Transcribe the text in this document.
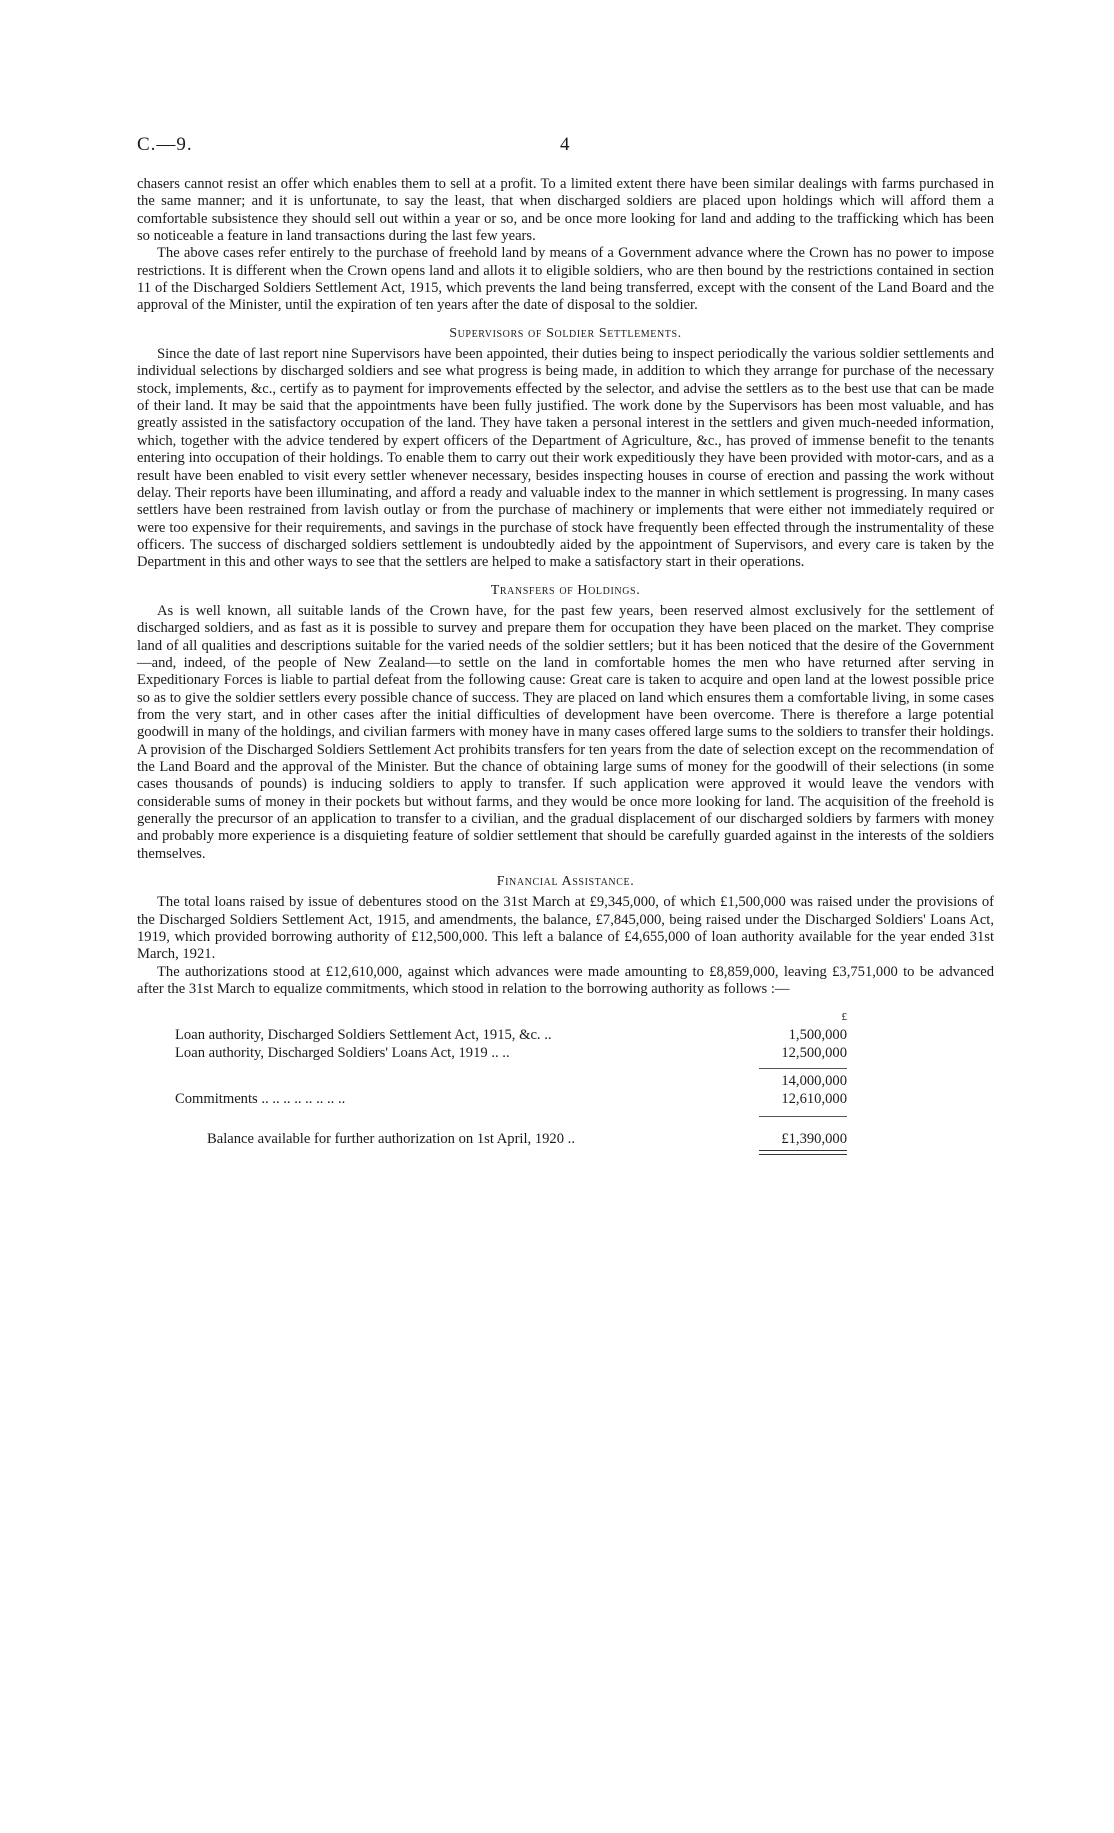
C.—9.	4

chasers cannot resist an offer which enables them to sell at a profit. To a limited extent there have been similar dealings with farms purchased in the same manner; and it is unfortunate, to say the least, that when discharged soldiers are placed upon holdings which will afford them a comfortable subsistence they should sell out within a year or so, and be once more looking for land and adding to the trafficking which has been so noticeable a feature in land transactions during the last few years.

The above cases refer entirely to the purchase of freehold land by means of a Government advance where the Crown has no power to impose restrictions. It is different when the Crown opens land and allots it to eligible soldiers, who are then bound by the restrictions contained in section 11 of the Discharged Soldiers Settlement Act, 1915, which prevents the land being transferred, except with the consent of the Land Board and the approval of the Minister, until the expiration of ten years after the date of disposal to the soldier.

Supervisors of Soldier Settlements.

Since the date of last report nine Supervisors have been appointed, their duties being to inspect periodically the various soldier settlements and individual selections by discharged soldiers and see what progress is being made, in addition to which they arrange for purchase of the necessary stock, implements, &c., certify as to payment for improvements effected by the selector, and advise the settlers as to the best use that can be made of their land. It may be said that the appointments have been fully justified. The work done by the Supervisors has been most valuable, and has greatly assisted in the satisfactory occupation of the land. They have taken a personal interest in the settlers and given much-needed information, which, together with the advice tendered by expert officers of the Department of Agriculture, &c., has proved of immense benefit to the tenants entering into occupation of their holdings. To enable them to carry out their work expeditiously they have been provided with motor-cars, and as a result have been enabled to visit every settler whenever necessary, besides inspecting houses in course of erection and passing the work without delay. Their reports have been illuminating, and afford a ready and valuable index to the manner in which settlement is progressing. In many cases settlers have been restrained from lavish outlay or from the purchase of machinery or implements that were either not immediately required or were too expensive for their requirements, and savings in the purchase of stock have frequently been effected through the instrumentality of these officers. The success of discharged soldiers settlement is undoubtedly aided by the appointment of Supervisors, and every care is taken by the Department in this and other ways to see that the settlers are helped to make a satisfactory start in their operations.

Transfers of Holdings.

As is well known, all suitable lands of the Crown have, for the past few years, been reserved almost exclusively for the settlement of discharged soldiers, and as fast as it is possible to survey and prepare them for occupation they have been placed on the market. They comprise land of all qualities and descriptions suitable for the varied needs of the soldier settlers; but it has been noticed that the desire of the Government—and, indeed, of the people of New Zealand—to settle on the land in comfortable homes the men who have returned after serving in Expeditionary Forces is liable to partial defeat from the following cause: Great care is taken to acquire and open land at the lowest possible price so as to give the soldier settlers every possible chance of success. They are placed on land which ensures them a comfortable living, in some cases from the very start, and in other cases after the initial difficulties of development have been overcome. There is therefore a large potential goodwill in many of the holdings, and civilian farmers with money have in many cases offered large sums to the soldiers to transfer their holdings. A provision of the Discharged Soldiers Settlement Act prohibits transfers for ten years from the date of selection except on the recommendation of the Land Board and the approval of the Minister. But the chance of obtaining large sums of money for the goodwill of their selections (in some cases thousands of pounds) is inducing soldiers to apply to transfer. If such application were approved it would leave the vendors with considerable sums of money in their pockets but without farms, and they would be once more looking for land. The acquisition of the freehold is generally the precursor of an application to transfer to a civilian, and the gradual displacement of our discharged soldiers by farmers with money and probably more experience is a disquieting feature of soldier settlement that should be carefully guarded against in the interests of the soldiers themselves.

Financial Assistance.

The total loans raised by issue of debentures stood on the 31st March at £9,345,000, of which £1,500,000 was raised under the provisions of the Discharged Soldiers Settlement Act, 1915, and amendments, the balance, £7,845,000, being raised under the Discharged Soldiers' Loans Act, 1919, which provided borrowing authority of £12,500,000. This left a balance of £4,655,000 of loan authority available for the year ended 31st March, 1921.

The authorizations stood at £12,610,000, against which advances were made amounting to £8,859,000, leaving £3,751,000 to be advanced after the 31st March to equalize commitments, which stood in relation to the borrowing authority as follows :—

£
Loan authority, Discharged Soldiers Settlement Act, 1915, &c. ..	1,500,000
Loan authority, Discharged Soldiers' Loans Act, 1919 .. ..	12,500,000
14,000,000
Commitments .. .. .. .. .. .. .. ..	12,610,000
Balance available for further authorization on 1st April, 1920 ..	£1,390,000
